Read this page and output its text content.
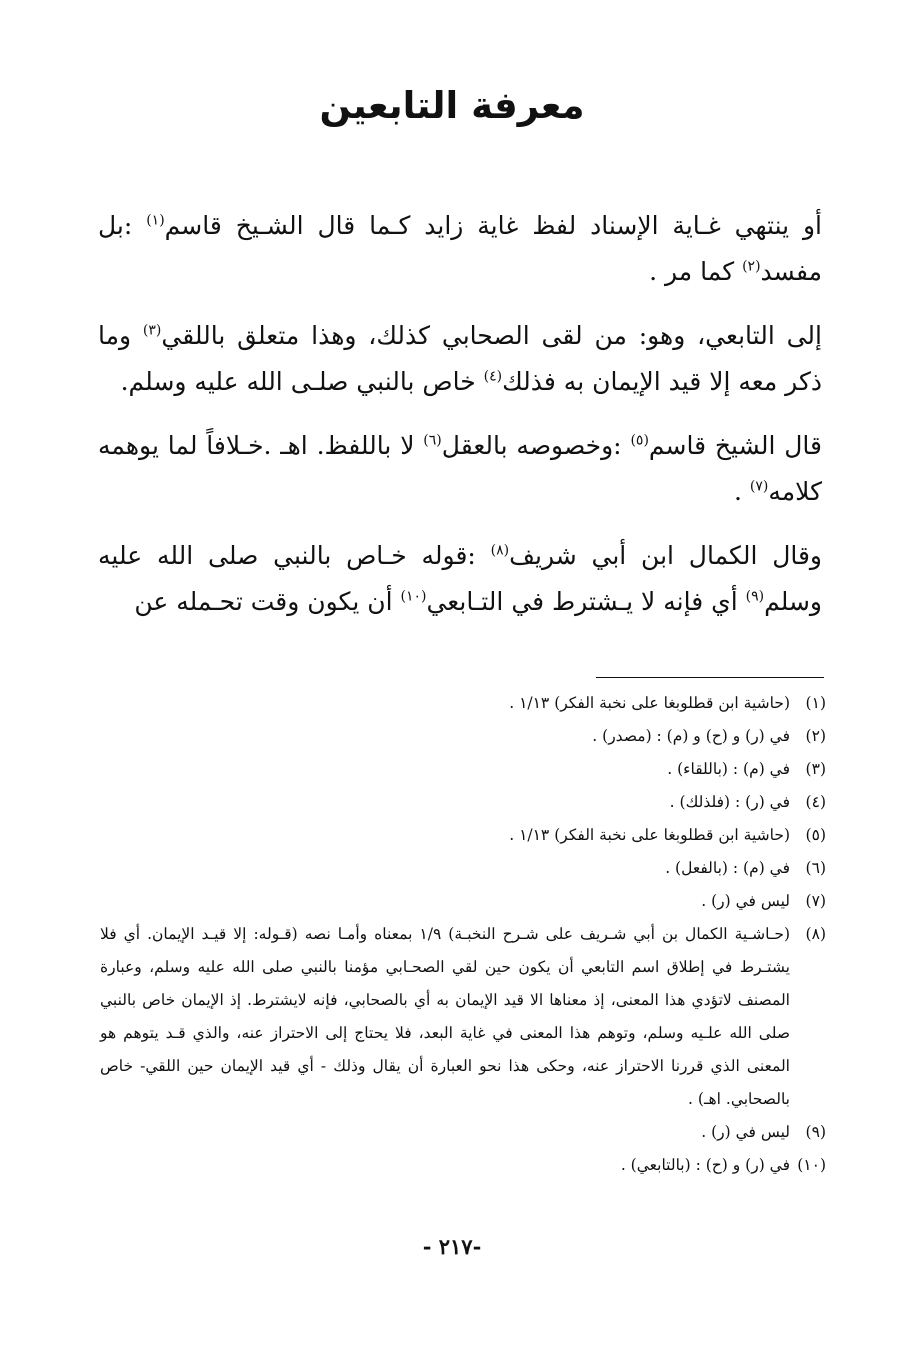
معرفة التابعين

أو ينتهي غـاية الإسناد لفظ غاية زايد كـما قال الشـيخ قاسم$^{(١)}$ :بل مفسد$^{(٢)}$ كما مر .

إلى التابعي، وهو: من لقى الصحابي كذلك، وهذا متعلق باللقي$^{(٣)}$ وما ذكر معه إلا قيد الإيمان به فذلك$^{(٤)}$ خاص بالنبي صلـى الله عليه وسلم.

قال الشيخ قاسم$^{(٥)}$ :وخصوصه بالعقل$^{(٦)}$ لا باللفظ. اهـ .خـلافاً لما يوهمه كلامه$^{(٧)}$ .

وقال الكمال ابن أبي شريف$^{(٨)}$ :قوله خـاص بالنبي صلى الله عليه وسلم$^{(٩)}$ أي فإنه لا يـشترط في التـابعي$^{(١٠)}$ أن يكون وقت تحـمله عن

(١)
(حاشية ابن قطلوبغا على نخبة الفكر) ١/١٣ .
(٢)
في (ر) و (ح) و (م) : (مصدر) .
(٣)
في (م) : (باللقاء) .
(٤)
في (ر) : (فلذلك) .
(٥)
(حاشية ابن قطلوبغا على نخبة الفكر) ١/١٣ .
(٦)
في (م) : (بالفعل) .
(٧)
ليس في (ر) .
(٨)
(حـاشـية الكمال بن أبي شـريف على شـرح النخبـة) ١/٩ بمعناه وأمـا نصه (قـوله: إلا قيـد الإيمان. أي فلا يشتـرط في إطلاق اسم التابعي أن يكون حين لقي الصحـابي مؤمنا بالنبي صلى الله عليه وسلم، وعبارة المصنف لاتؤدي هذا المعنى، إذ معناها الا قيد الإيمان به أي بالصحابي، فإنه لايشترط. إذ الإيمان خاص بالنبي صلى الله علـيه وسلم، وتوهم هذا المعنى في غاية البعد، فلا يحتاج إلى الاحتراز عنه، والذي قـد يتوهم هو المعنى الذي قررنا الاحتراز عنه، وحكى هذا نحو العبارة أن يقال وذلك - أي قيد الإيمان حين اللقي- خاص بالصحابي. اهـ) .
(٩)
ليس في (ر) .
(١٠)
في (ر) و (ح) : (بالتابعي) .
- ٢١٧-
